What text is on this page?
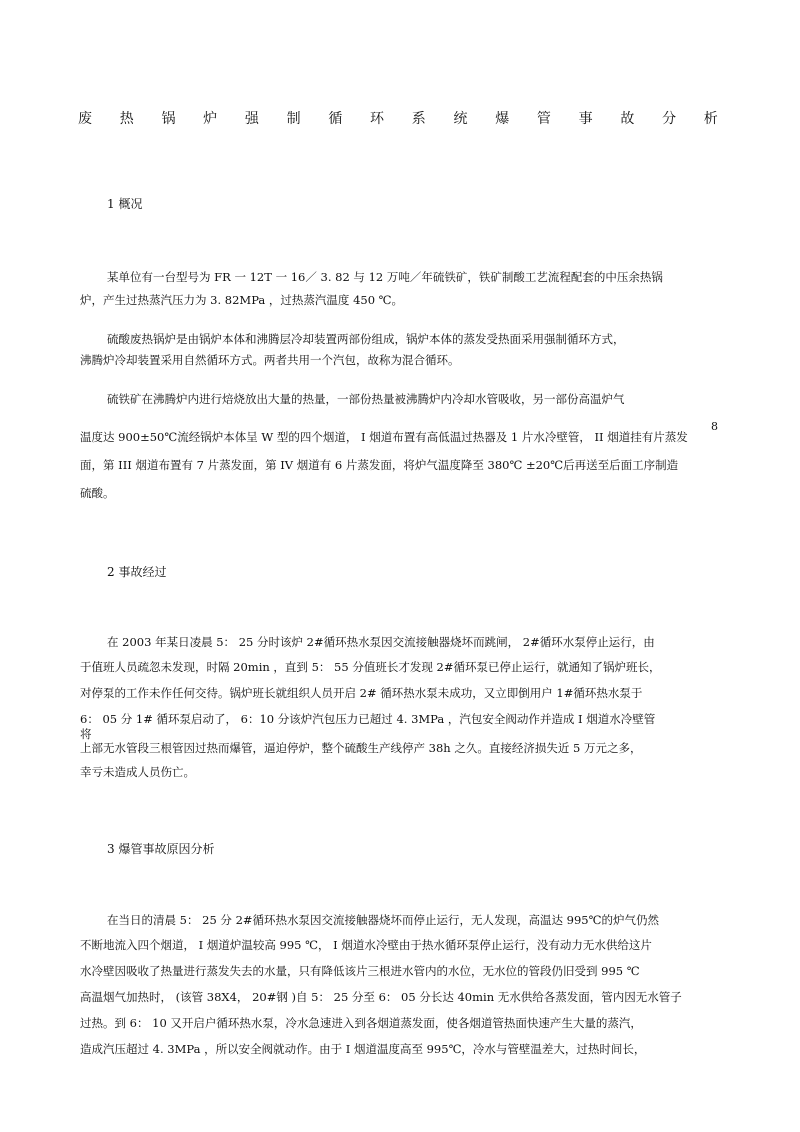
废 热 锅 炉 强 制 循 环 系 统 爆 管 事 故 分 析
8
1 概况
某单位有一台型号为 FR 一 12T 一 16／ 3. 82 与 12 万吨／年硫铁矿，铁矿制酸工艺流程配套的中压余热锅
炉，产生过热蒸汽压力为 3. 82MPa ，过热蒸汽温度 450 ℃。
硫酸废热锅炉是由锅炉本体和沸腾层冷却装置两部份组成，锅炉本体的蒸发受热面采用强制循环方式，
沸腾炉冷却装置采用自然循环方式。两者共用一个汽包，故称为混合循环。
硫铁矿在沸腾炉内进行焙烧放出大量的热量，一部份热量被沸腾炉内冷却水管吸收，另一部份高温炉气
温度达 900±50℃流经锅炉本体呈 W 型的四个烟道， I 烟道布置有高低温过热器及 1 片水冷壁管， II 烟道挂有片蒸发
面，第 III 烟道布置有 7 片蒸发面，第 IV 烟道有 6 片蒸发面，将炉气温度降至 380℃ ±20℃后再送至后面工序制造
硫酸。
2 事故经过
在 2003 年某日凌晨 5： 25 分时该炉 2#循环热水泵因交流接触器烧坏而跳闸， 2#循环水泵停止运行，由
于值班人员疏忽未发现，时隔 20min ，直到 5： 55 分值班长才发现 2#循环泵已停止运行，就通知了锅炉班长，
对停泵的工作未作任何交待。锅炉班长就组织人员开启 2# 循环热水泵未成功，又立即倒用户 1#循环热水泵于
6： 05 分 1# 循环泵启动了， 6：10 分该炉汽包压力已超过 4. 3MPa ，汽包安全阀动作并造成 I 烟道水冷壁管
将
上部无水管段三根管因过热而爆管，逼迫停炉，整个硫酸生产线停产 38h 之久。直接经济损失近 5 万元之多，
幸亏未造成人员伤亡。
3 爆管事故原因分析
在当日的清晨 5： 25 分 2#循环热水泵因交流接触器烧坏而停止运行，无人发现，高温达 995℃的炉气仍然
不断地流入四个烟道， I 烟道炉温较高 995 ℃， I 烟道水冷壁由于热水循环泵停止运行，没有动力无水供给这片
水冷壁因吸收了热量进行蒸发失去的水量，只有降低该片三根进水管内的水位，无水位的管段仍旧受到 995 ℃
高温烟气加热时， (该管 38X4， 20#钢 )自 5： 25 分至 6： 05 分长达 40min 无水供给各蒸发面，管内因无水管子
过热。到 6： 10 又开启户循环热水泵，冷水急速进入到各烟道蒸发面，使各烟道管热面快速产生大量的蒸汽，
造成汽压超过 4. 3MPa ，所以安全阀就动作。由于 I 烟道温度高至 995℃，冷水与管壁温差大，过热时间长，
